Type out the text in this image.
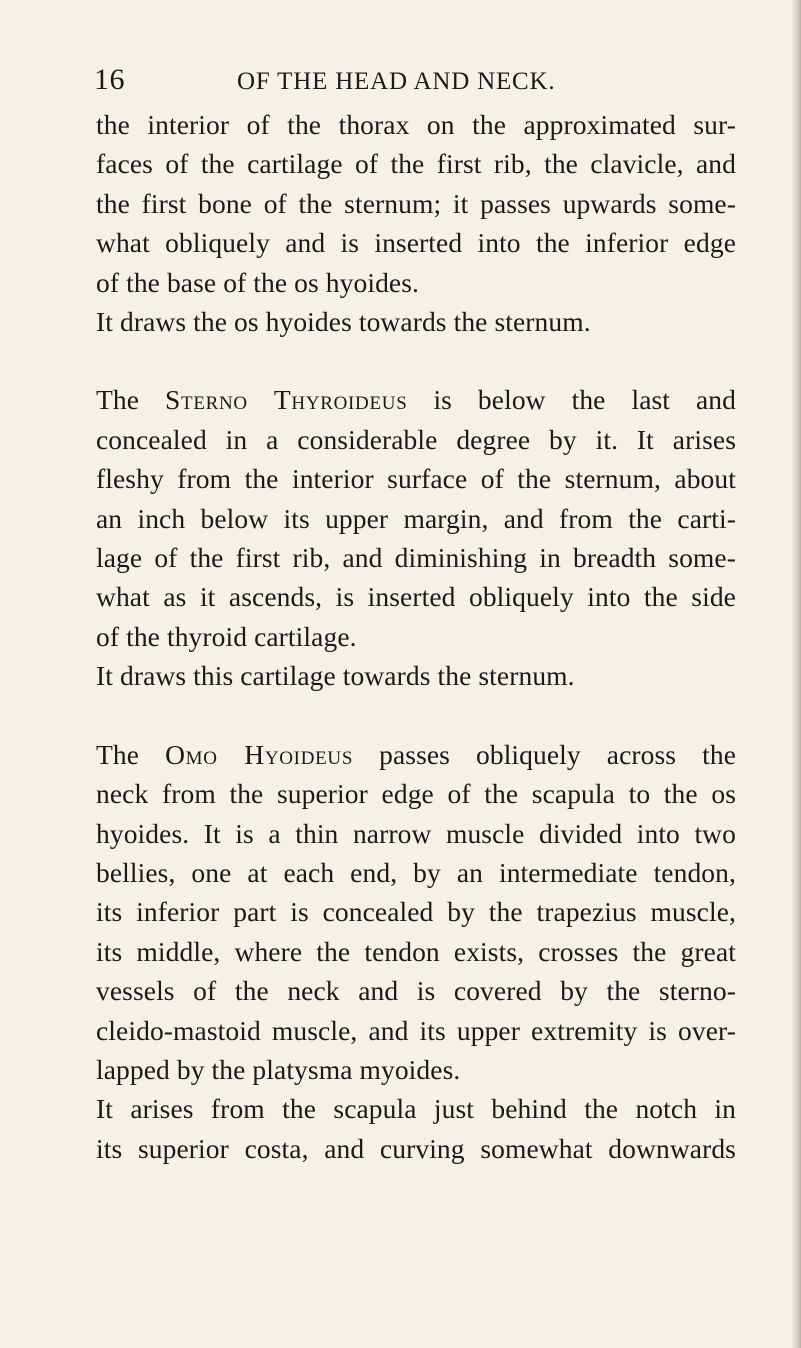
16	OF THE HEAD AND NECK.
the interior of the thorax on the approximated sur-
faces of the cartilage of the first rib, the clavicle, and
the first bone of the sternum; it passes upwards some-
what obliquely and is inserted into the inferior edge
of the base of the os hyoides.
It draws the os hyoides towards the sternum.
The Sterno Thyroideus is below the last and
concealed in a considerable degree by it. It arises
fleshy from the interior surface of the sternum, about
an inch below its upper margin, and from the carti-
lage of the first rib, and diminishing in breadth some-
what as it ascends, is inserted obliquely into the side
of the thyroid cartilage.
It draws this cartilage towards the sternum.
The Omo Hyoideus passes obliquely across the
neck from the superior edge of the scapula to the os
hyoides. It is a thin narrow muscle divided into two
bellies, one at each end, by an intermediate tendon,
its inferior part is concealed by the trapezius muscle,
its middle, where the tendon exists, crosses the great
vessels of the neck and is covered by the sterno-
cleido-mastoid muscle, and its upper extremity is over-
lapped by the platysma myoides.
It arises from the scapula just behind the notch in
its superior costa, and curving somewhat downwards
